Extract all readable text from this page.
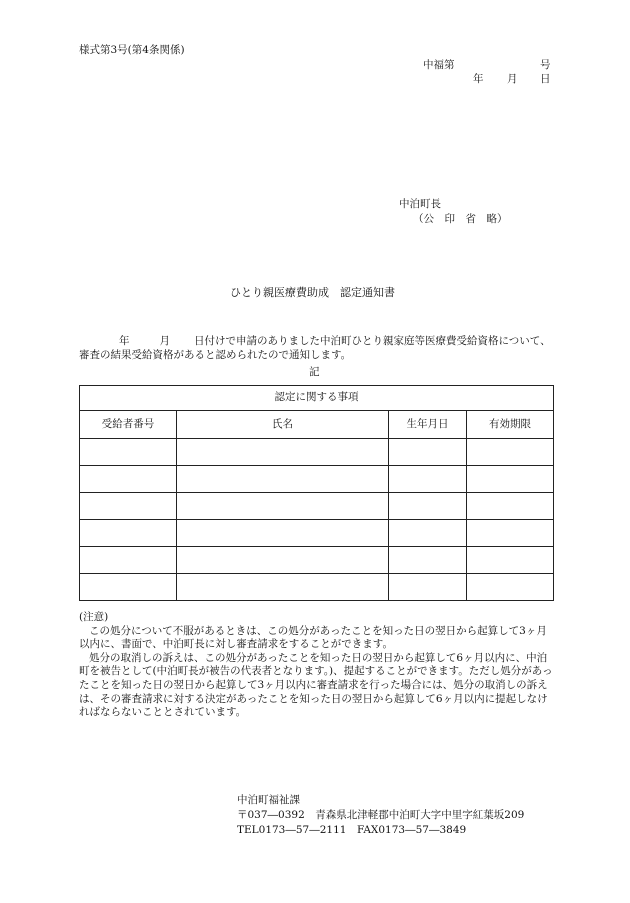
様式第3号(第4条関係)
中福第	号
年 月 日
中泊町長
（公　印　省　略）
ひとり親医療費助成　認定通知書
年	月 日付けで申請のありました中泊町ひとり親家庭等医療費受給資格について、審査の結果受給資格があると認められたので通知します。
記
認定に関する事項			
受給者番号	氏名	生年月日	有効期限

(注意)

この処分について不服があるときは、この処分があったことを知った日の翌日から起算して3ヶ月以内に、書面で、中泊町長に対し審査請求をすることができます。

処分の取消しの訴えは、この処分があったことを知った日の翌日から起算して6ヶ月以内に、中泊町を被告として(中泊町長が被告の代表者となります。)、提起することができます。ただし処分があったことを知った日の翌日から起算して3ヶ月以内に審査請求を行った場合には、処分の取消しの訴えは、その審査請求に対する決定があったことを知った日の翌日から起算して6ヶ月以内に提起しなければならないこととされています。

中泊町福祉課
〒037―0392　青森県北津軽郡中泊町大字中里字紅葉坂209
TEL0173―57―2111　FAX0173―57―3849
